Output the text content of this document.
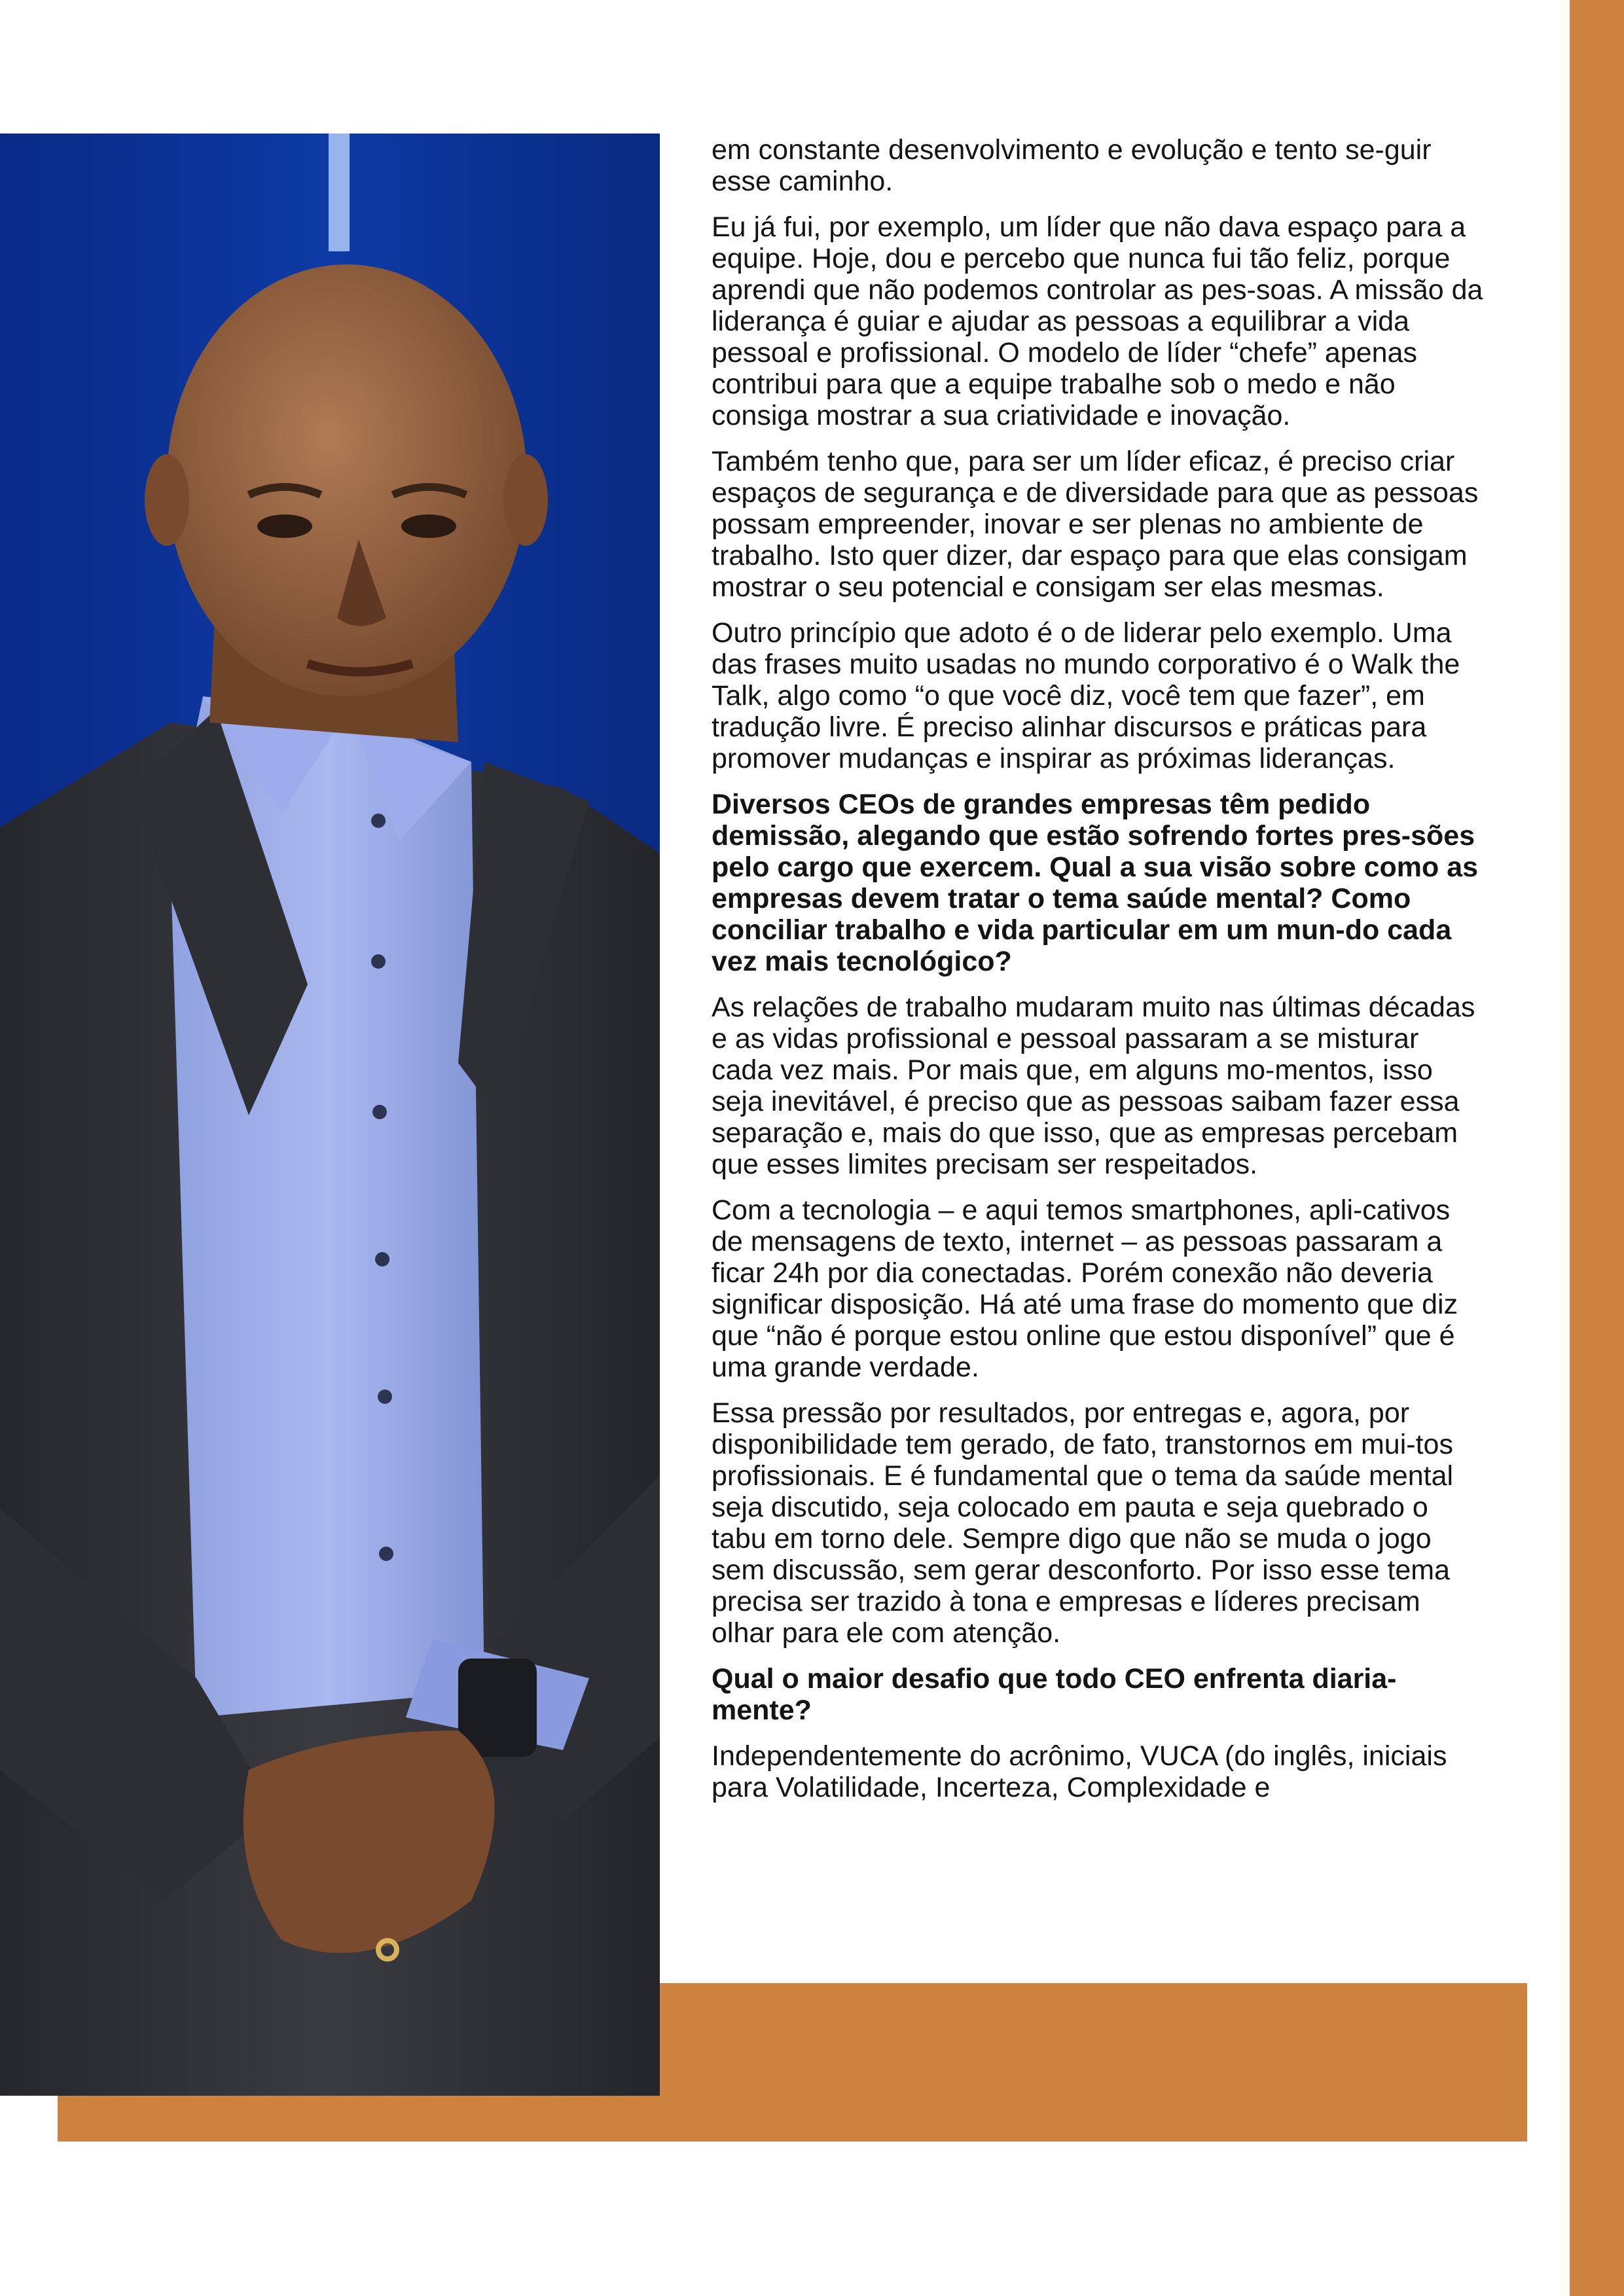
em constante desenvolvimento e evolução e tento se-guir esse caminho.

Eu já fui, por exemplo, um líder que não dava espaço para a equipe. Hoje, dou e percebo que nunca fui tão feliz, porque aprendi que não podemos controlar as pes-soas. A missão da liderança é guiar e ajudar as pessoas a equilibrar a vida pessoal e profissional. O modelo de líder “chefe” apenas contribui para que a equipe trabalhe sob o medo e não consiga mostrar a sua criatividade e inovação.

Também tenho que, para ser um líder eficaz, é preciso criar espaços de segurança e de diversidade para que as pessoas possam empreender, inovar e ser plenas no ambiente de trabalho. Isto quer dizer, dar espaço para que elas consigam mostrar o seu potencial e consigam ser elas mesmas.

Outro princípio que adoto é o de liderar pelo exemplo. Uma das frases muito usadas no mundo corporativo é o Walk the Talk, algo como “o que você diz, você tem que fazer”, em tradução livre. É preciso alinhar discursos e práticas para promover mudanças e inspirar as próximas lideranças.

Diversos CEOs de grandes empresas têm pedido demissão, alegando que estão sofrendo fortes pres-sões pelo cargo que exercem. Qual a sua visão sobre como as empresas devem tratar o tema saúde mental? Como conciliar trabalho e vida particular em um mun-do cada vez mais tecnológico?

As relações de trabalho mudaram muito nas últimas décadas e as vidas profissional e pessoal passaram a se misturar cada vez mais. Por mais que, em alguns mo-mentos, isso seja inevitável, é preciso que as pessoas saibam fazer essa separação e, mais do que isso, que as empresas percebam que esses limites precisam ser respeitados.

Com a tecnologia – e aqui temos smartphones, apli-cativos de mensagens de texto, internet – as pessoas passaram a ficar 24h por dia conectadas. Porém conexão não deveria significar disposição. Há até uma frase do momento que diz que “não é porque estou online que estou disponível” que é uma grande verdade.

Essa pressão por resultados, por entregas e, agora, por disponibilidade tem gerado, de fato, transtornos em mui-tos profissionais. E é fundamental que o tema da saúde mental seja discutido, seja colocado em pauta e seja quebrado o tabu em torno dele. Sempre digo que não se muda o jogo sem discussão, sem gerar desconforto. Por isso esse tema precisa ser trazido à tona e empresas e líderes precisam olhar para ele com atenção.

Qual o maior desafio que todo CEO enfrenta diaria-mente?

Independentemente do acrônimo, VUCA (do inglês, iniciais para Volatilidade, Incerteza, Complexidade e
